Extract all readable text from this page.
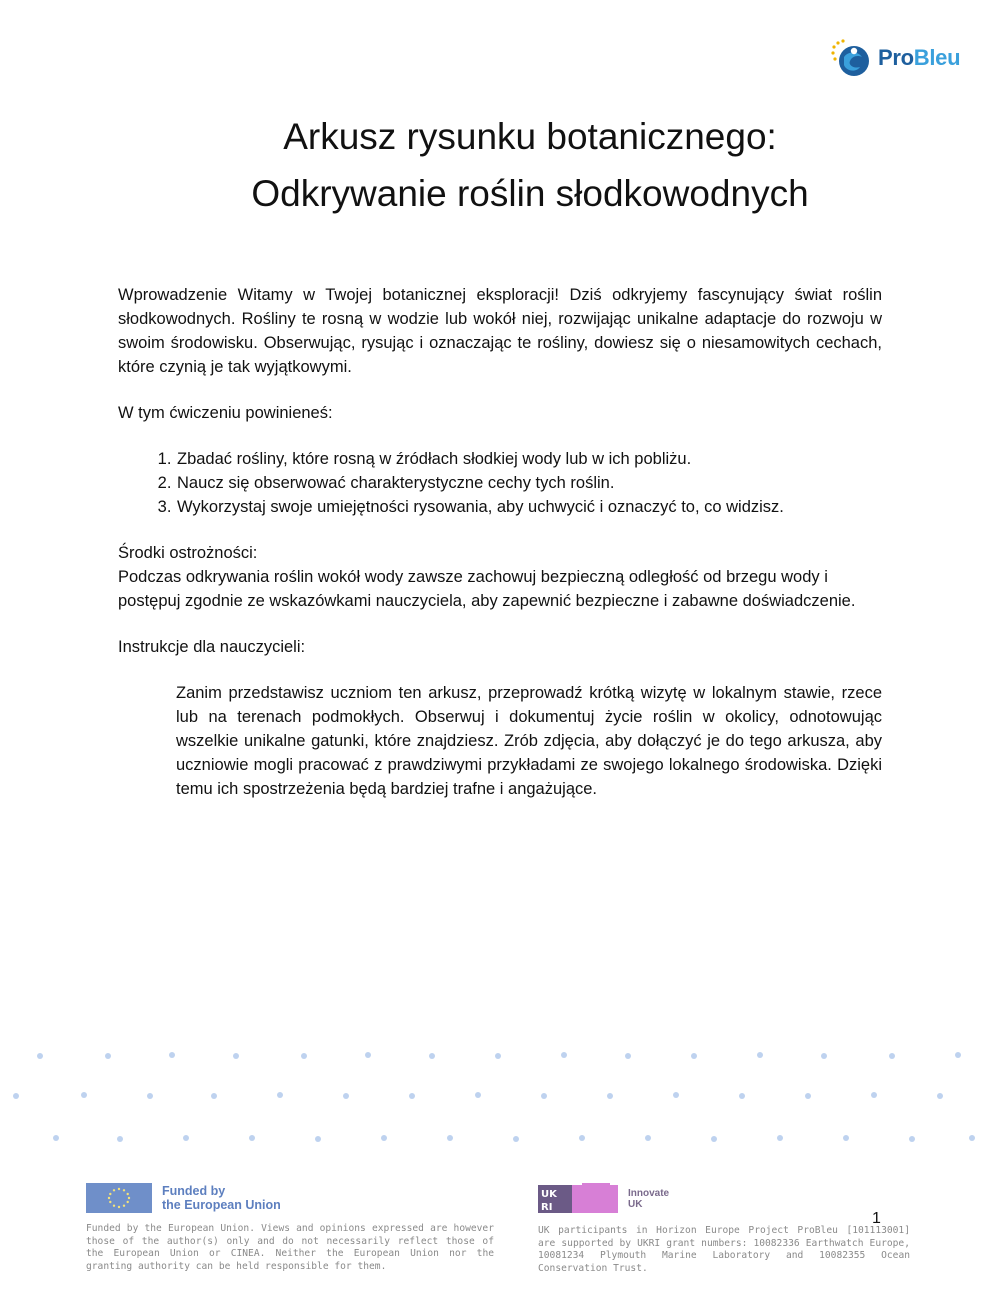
ProBleu
Arkusz rysunku botanicznego:
Odkrywanie roślin słodkowodnych

Wprowadzenie Witamy w Twojej botanicznej eksploracji! Dziś odkryjemy fascynujący świat roślin słodkowodnych. Rośliny te rosną w wodzie lub wokół niej, rozwijając unikalne adaptacje do rozwoju w swoim środowisku. Obserwując, rysując i oznaczając te rośliny, dowiesz się o niesamowitych cechach, które czynią je tak wyjątkowymi.

W tym ćwiczeniu powinieneś:

1. Zbadać rośliny, które rosną w źródłach słodkiej wody lub w ich pobliżu.
2. Naucz się obserwować charakterystyczne cechy tych roślin.
3. Wykorzystaj swoje umiejętności rysowania, aby uchwycić i oznaczyć to, co widzisz.

Środki ostrożności:
Podczas odkrywania roślin wokół wody zawsze zachowuj bezpieczną odległość od brzegu wody i postępuj zgodnie ze wskazówkami nauczyciela, aby zapewnić bezpieczne i zabawne doświadczenie.

Instrukcje dla nauczycieli:

Zanim przedstawisz uczniom ten arkusz, przeprowadź krótką wizytę w lokalnym stawie, rzece lub na terenach podmokłych. Obserwuj i dokumentuj życie roślin w okolicy, odnotowując wszelkie unikalne gatunki, które znajdziesz. Zrób zdjęcia, aby dołączyć je do tego arkusza, aby uczniowie mogli pracować z prawdziwymi przykładami ze swojego lokalnego środowiska. Dzięki temu ich spostrzeżenia będą bardziej trafne i angażujące.

Funded by
the European Union
Funded by the European Union. Views and opinions expressed are however those of the author(s) only and do not necessarily reflect those of the European Union or CINEA. Neither the European Union nor the granting authority can be held responsible for them.
UK
RI
Innovate
UK
UK participants in Horizon Europe Project ProBleu [101113001] are supported by UKRI grant numbers: 10082336 Earthwatch Europe, 10081234 Plymouth Marine Laboratory and 10082355 Ocean Conservation Trust.
1
